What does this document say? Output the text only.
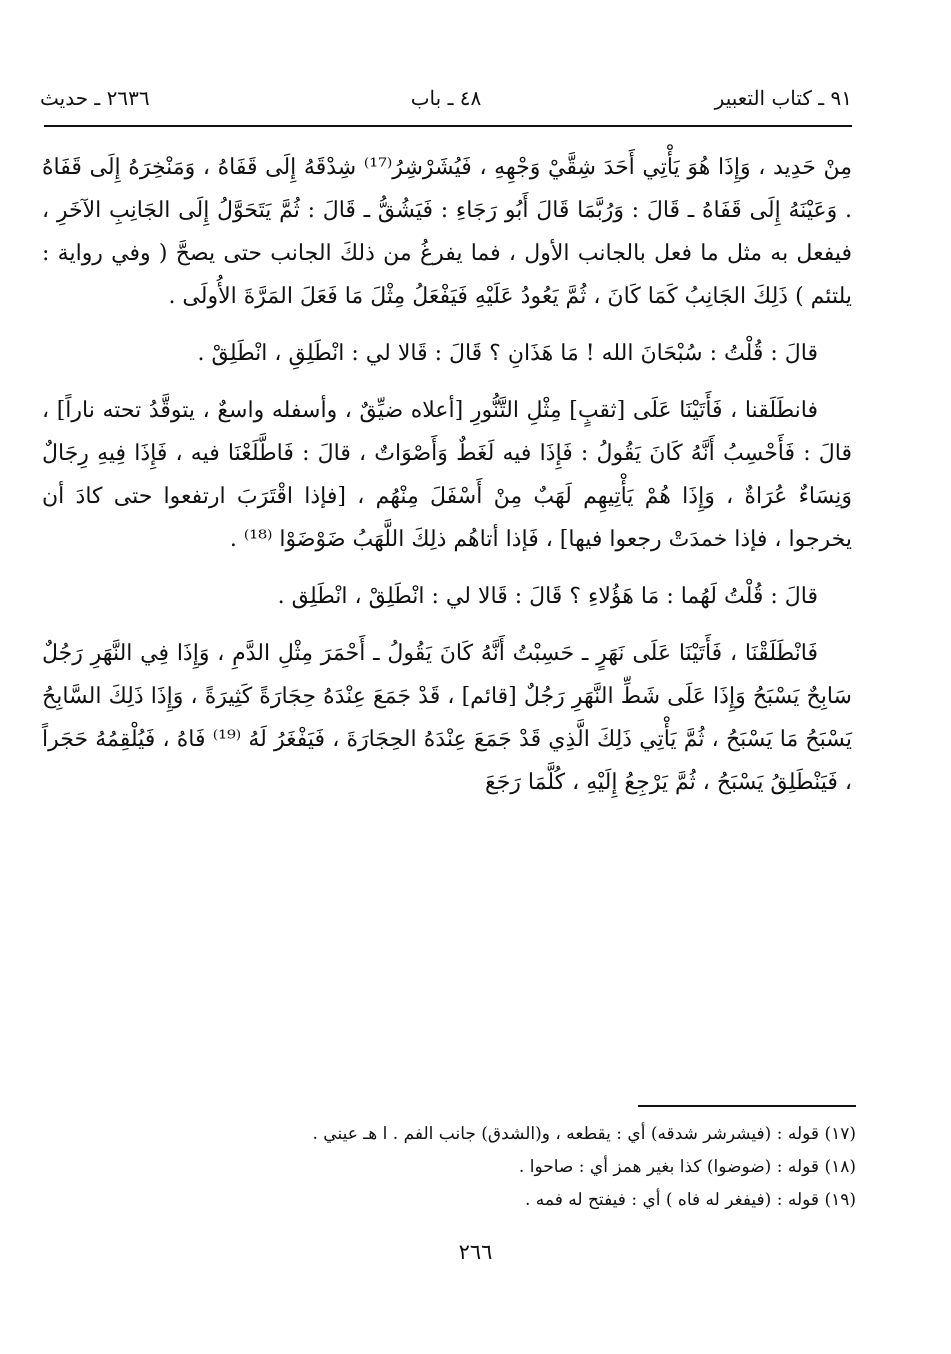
٩١ ـ كتاب التعبير
٤٨ ـ باب
٢٦٣٦ ـ حديث

مِنْ حَدِيد ، وَإِذَا هُوَ يَأْتِي أَحَدَ شِقَّيْ وَجْهِهِ ، فَيُشَرْشِرُ⁽¹⁷⁾ شِدْقَهُ إِلَى قَفَاهُ ، وَمَنْخِرَهُ إِلَى قَفَاهُ . وَعَيْنَهُ إِلَى قَفَاهُ ـ قَالَ : وَرُبَّمَا قَالَ أَبُو رَجَاءِ : فَيَشُقُّ ـ قَالَ : ثُمَّ يَتَحَوَّلُ إِلَى الجَانِبِ الآخَرِ ، فيفعل به مثل ما فعل بالجانب الأول ، فما يفرغُ من ذلكَ الجانب حتى يصحَّ ( وفي رواية : يلتئم ) ذَلِكَ الجَانِبُ كَمَا كَانَ ، ثُمَّ يَعُودُ عَلَيْهِ فَيَفْعَلُ مِثْلَ مَا فَعَلَ المَرَّةَ الأُولَى .

قالَ : قُلْتُ : سُبْحَانَ الله ! مَا هَذَانِ ؟ قَالَ : قَالا لي : انْطَلِقِ ، انْطَلِقْ .

فانطَلَقنا ، فَأَتَيْنَا عَلَى [ثقبٍ] مِثْلِ التَّنُّورِ [أعلاه ضيِّقٌ ، وأسفله واسعٌ ، يتوقَّدُ تحته ناراً] ، قالَ : فَأَحْسِبُ أَنَّهُ كَانَ يَقُولُ : فَإِذَا فيه لَغَطٌ وَأَصْوَاتٌ ، قالَ : فَاطَّلَعْنَا فيه ، فَإِذَا فِيهِ رِجَالٌ وَنِسَاءٌ عُرَاةٌ ، وَإِذَا هُمْ يَأْتِيهِم لَهَبٌ مِنْ أَسْفَلَ مِنْهُم ، [فإذا اقْتَرَبَ ارتفعوا حتى كادَ أن يخرجوا ، فإذا خمدَتْ رجعوا فيها] ، فَإذا أتاهُم ذلِكَ اللَّهَبُ ضَوْضَوْا ⁽¹⁸⁾ .

قالَ : قُلْتُ لَهُما : مَا هَؤُلاءِ ؟ قَالَ : قَالا لي : انْطَلِقْ ، انْطَلِق .

فَانْطَلَقْنَا ، فَأَتَيْنَا عَلَى نَهَرٍ ـ حَسِبْتُ أَنَّهُ كَانَ يَقُولُ ـ أَحْمَرَ مِثْلِ الدَّمِ ، وَإِذَا فِي النَّهَرِ رَجُلٌ سَابِحٌ يَسْبَحُ وَإِذَا عَلَى شَطِّ النَّهَرِ رَجُلٌ [قائم] ، قَدْ جَمَعَ عِنْدَهُ حِجَارَةً كَثِيرَةً ، وَإِذَا ذَلِكَ السَّابِحُ يَسْبَحُ مَا يَسْبَحُ ، ثُمَّ يَأْتِي ذَلِكَ الَّذِي قَدْ جَمَعَ عِنْدَهُ الحِجَارَةَ ، فَيَفْغَرُ لَهُ ⁽¹⁹⁾ فَاهُ ، فَيُلْقِمُهُ حَجَراً ، فَيَنْطَلِقُ يَسْبَحُ ، ثُمَّ يَرْجِعُ إِلَيْهِ ، كُلَّمَا رَجَعَ

(١٧) قوله : (فيشرشر شدقه) أي : يقطعه ، و(الشدق) جانب الفم . ا هـ عيني .

(١٨) قوله : (ضوضوا) كذا بغير همز أي : صاحوا .

(١٩) قوله : (فيفغر له فاه ) أي : فيفتح له فمه .

٢٦٦
